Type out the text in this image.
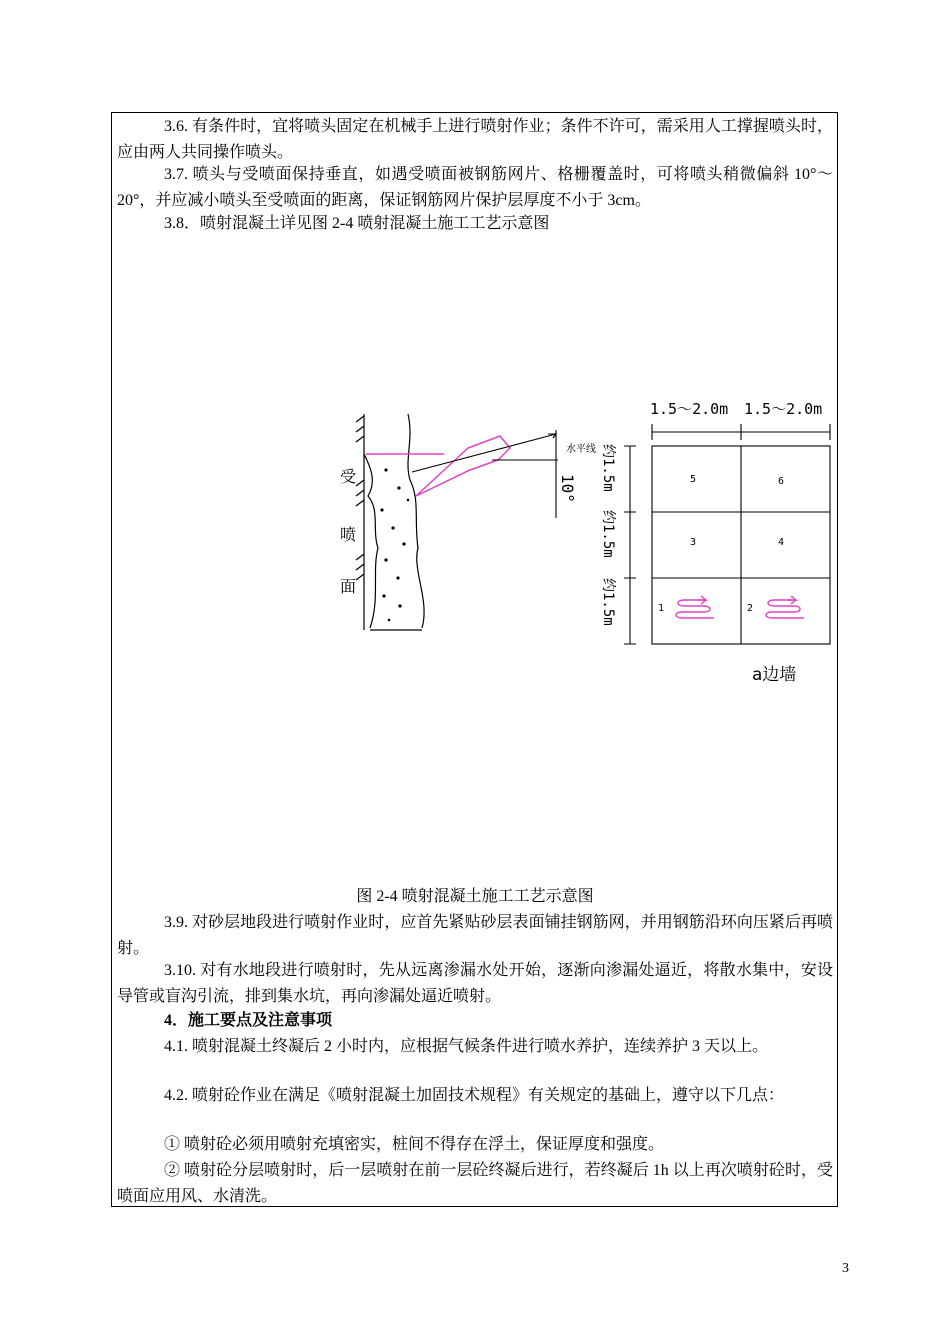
3.6. 有条件时，宜将喷头固定在机械手上进行喷射作业；条件不许可，需采用人工撑握喷头时，应由两人共同操作喷头。
3.7. 喷头与受喷面保持垂直，如遇受喷面被钢筋网片、格栅覆盖时，可将喷头稍微偏斜 10°～20°，并应减小喷头至受喷面的距离，保证钢筋网片保护层厚度不小于 3cm。
3.8．喷射混凝土详见图 2-4 喷射混凝土施工工艺示意图
受
喷
面
水平线
10°
1.5～2.0m 1.5～2.0m
约1.5m
约1.5m
约1.5m
5	6
3	4
1	2
a边墙
图 2-4 喷射混凝土施工工艺示意图
3.9. 对砂层地段进行喷射作业时，应首先紧贴砂层表面铺挂钢筋网，并用钢筋沿环向压紧后再喷射。
3.10. 对有水地段进行喷射时，先从远离渗漏水处开始，逐渐向渗漏处逼近，将散水集中，安设导管或盲沟引流，排到集水坑，再向渗漏处逼近喷射。
4．施工要点及注意事项
4.1. 喷射混凝土终凝后 2 小时内，应根据气候条件进行喷水养护，连续养护 3 天以上。
4.2. 喷射砼作业在满足《喷射混凝土加固技术规程》有关规定的基础上，遵守以下几点：
① 喷射砼必须用喷射充填密实，桩间不得存在浮土，保证厚度和强度。
② 喷射砼分层喷射时，后一层喷射在前一层砼终凝后进行，若终凝后 1h 以上再次喷射砼时，受喷面应用风、水清洗。
3
